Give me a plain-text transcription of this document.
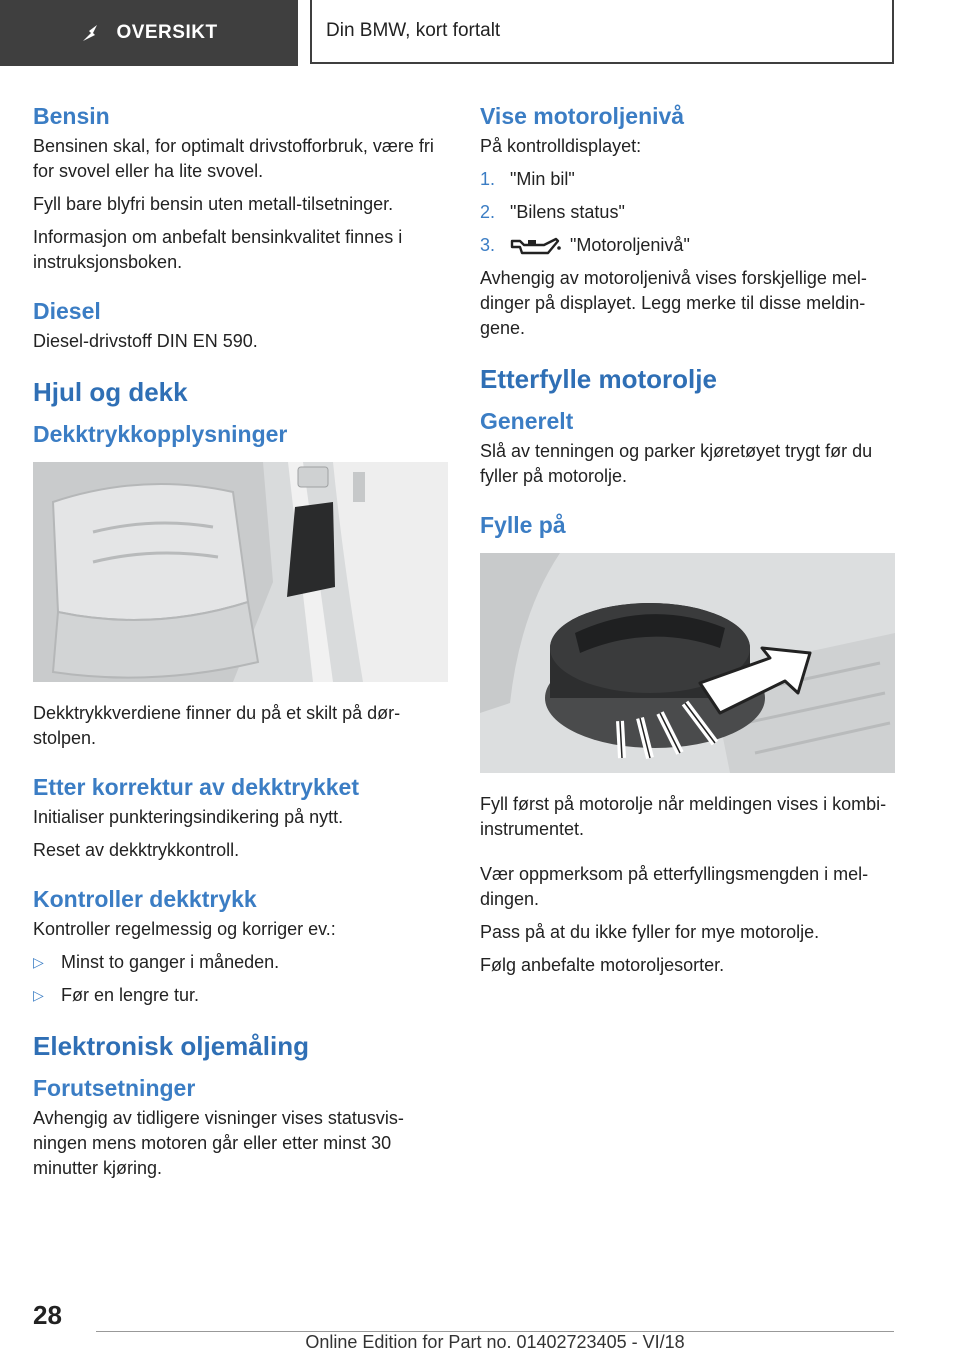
OVERSIKT	Din BMW, kort fortalt
Bensin

Bensinen skal, for optimalt drivstofforbruk, være fri for svovel eller ha lite svovel.

Fyll bare blyfri bensin uten metall-tilsetninger.

Informasjon om anbefalt bensinkvalitet finnes i instruksjonsboken.

Diesel

Diesel-drivstoff DIN EN 590.

Hjul og dekk
Dekktrykkopplysninger

Dekktrykkverdiene finner du på et skilt på dør-stolpen.

Etter korrektur av dekktrykket

Initialiser punkteringsindikering på nytt.

Reset av dekktrykkontroll.

Kontroller dekktrykk

Kontroller regelmessig og korriger ev.:

▷ Minst to ganger i måneden.
▷ Før en lengre tur.
Elektronisk oljemåling
Forutsetninger

Avhengig av tidligere visninger vises statusvis-ningen mens motoren går eller etter minst 30 minutter kjøring.

Vise motoroljenivå

På kontrolldisplayet:

1. "Min bil"
2. "Bilens status"
3.	"Motoroljenivå"

Avhengig av motoroljenivå vises forskjellige mel-dinger på displayet. Legg merke til disse meldin-gene.

Etterfylle motorolje
Generelt

Slå av tenningen og parker kjøretøyet trygt før du fyller på motorolje.

Fylle på

Fyll først på motorolje når meldingen vises i kombi-instrumentet.

Vær oppmerksom på etterfyllingsmengden i mel-dingen.

Pass på at du ikke fyller for mye motorolje.

Følg anbefalte motoroljesorter.

28
Online Edition for Part no. 01402723405 - VI/18
